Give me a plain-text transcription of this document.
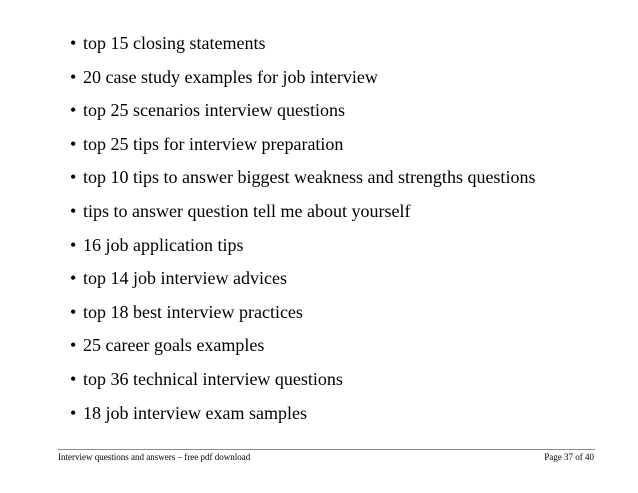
• top 15 closing statements
• 20 case study examples for job interview
• top 25 scenarios interview questions
• top 25 tips for interview preparation
• top 10 tips to answer biggest weakness and strengths questions
• tips to answer question tell me about yourself
• 16 job application tips
• top 14 job interview advices
• top 18 best interview practices
• 25 career goals examples
• top 36 technical interview questions
• 18 job interview exam samples
Interview questions and answers – free pdf download	Page 37 of 40
